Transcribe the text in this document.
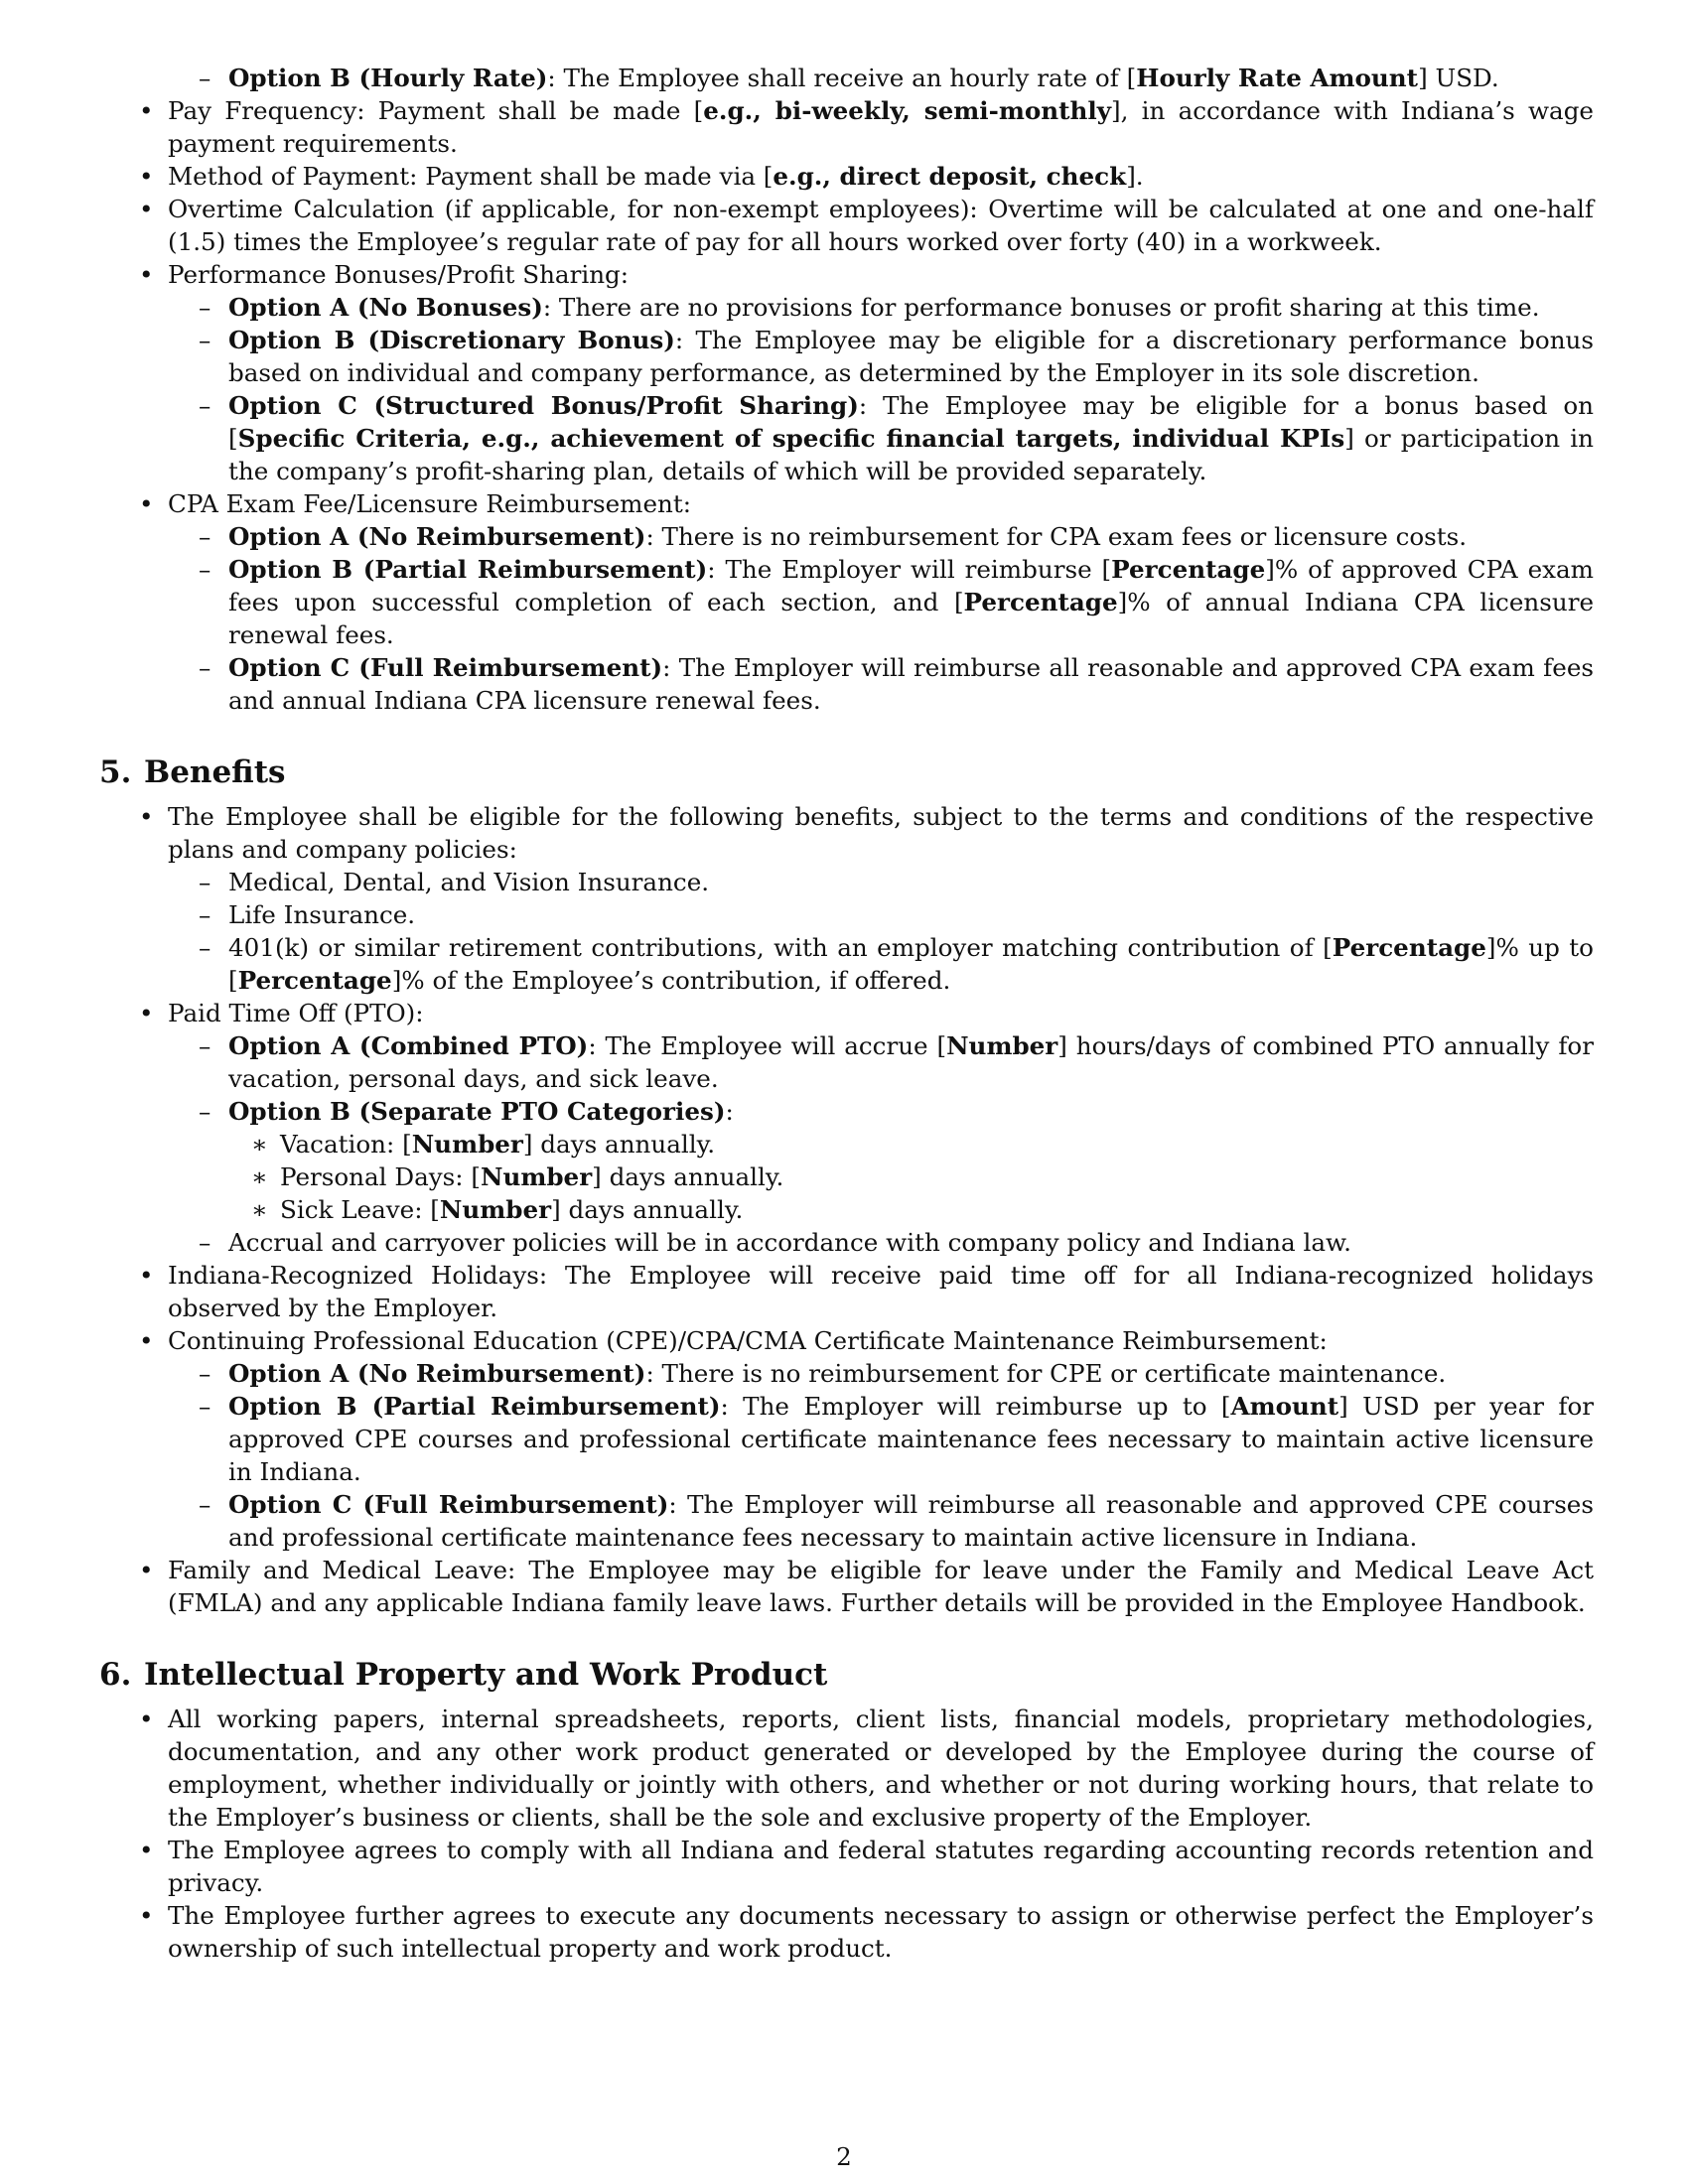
– Option B (Hourly Rate): The Employee shall receive an hourly rate of [Hourly Rate Amount] USD.
• Pay Frequency: Payment shall be made [e.g., bi-weekly, semi-monthly], in accordance with Indiana’s wage payment requirements.
• Method of Payment: Payment shall be made via [e.g., direct deposit, check].
• Overtime Calculation (if applicable, for non-exempt employees): Overtime will be calculated at one and one-half (1.5) times the Employee’s regular rate of pay for all hours worked over forty (40) in a workweek.
• Performance Bonuses/Profit Sharing:
– Option A (No Bonuses): There are no provisions for performance bonuses or profit sharing at this time.
– Option B (Discretionary Bonus): The Employee may be eligible for a discretionary performance bonus based on individual and company performance, as determined by the Employer in its sole discretion.
– Option C (Structured Bonus/Profit Sharing): The Employee may be eligible for a bonus based on [Specific Criteria, e.g., achievement of specific financial targets, individual KPIs] or participation in the company’s profit-sharing plan, details of which will be provided separately.
• CPA Exam Fee/Licensure Reimbursement:
– Option A (No Reimbursement): There is no reimbursement for CPA exam fees or licensure costs.
– Option B (Partial Reimbursement): The Employer will reimburse [Percentage]% of approved CPA exam fees upon successful completion of each section, and [Percentage]% of annual Indiana CPA licensure renewal fees.
– Option C (Full Reimbursement): The Employer will reimburse all reasonable and approved CPA exam fees and annual Indiana CPA licensure renewal fees.
5. Benefits
• The Employee shall be eligible for the following benefits, subject to the terms and conditions of the respective plans and company policies:
– Medical, Dental, and Vision Insurance.
– Life Insurance.
– 401(k) or similar retirement contributions, with an employer matching contribution of [Percentage]% up to [Percentage]% of the Employee’s contribution, if offered.
• Paid Time Off (PTO):
– Option A (Combined PTO): The Employee will accrue [Number] hours/days of combined PTO annually for vacation, personal days, and sick leave.
– Option B (Separate PTO Categories):
∗ Vacation: [Number] days annually.
∗ Personal Days: [Number] days annually.
∗ Sick Leave: [Number] days annually.
– Accrual and carryover policies will be in accordance with company policy and Indiana law.
• Indiana-Recognized Holidays: The Employee will receive paid time off for all Indiana-recognized holidays observed by the Employer.
• Continuing Professional Education (CPE)/CPA/CMA Certificate Maintenance Reimbursement:
– Option A (No Reimbursement): There is no reimbursement for CPE or certificate maintenance.
– Option B (Partial Reimbursement): The Employer will reimburse up to [Amount] USD per year for approved CPE courses and professional certificate maintenance fees necessary to maintain active licensure in Indiana.
– Option C (Full Reimbursement): The Employer will reimburse all reasonable and approved CPE courses and professional certificate maintenance fees necessary to maintain active licensure in Indiana.
• Family and Medical Leave: The Employee may be eligible for leave under the Family and Medical Leave Act (FMLA) and any applicable Indiana family leave laws. Further details will be provided in the Employee Handbook.
6. Intellectual Property and Work Product
• All working papers, internal spreadsheets, reports, client lists, financial models, proprietary methodologies, documentation, and any other work product generated or developed by the Employee during the course of employment, whether individually or jointly with others, and whether or not during working hours, that relate to the Employer’s business or clients, shall be the sole and exclusive property of the Employer.
• The Employee agrees to comply with all Indiana and federal statutes regarding accounting records retention and privacy.
• The Employee further agrees to execute any documents necessary to assign or otherwise perfect the Employer’s ownership of such intellectual property and work product.
2
